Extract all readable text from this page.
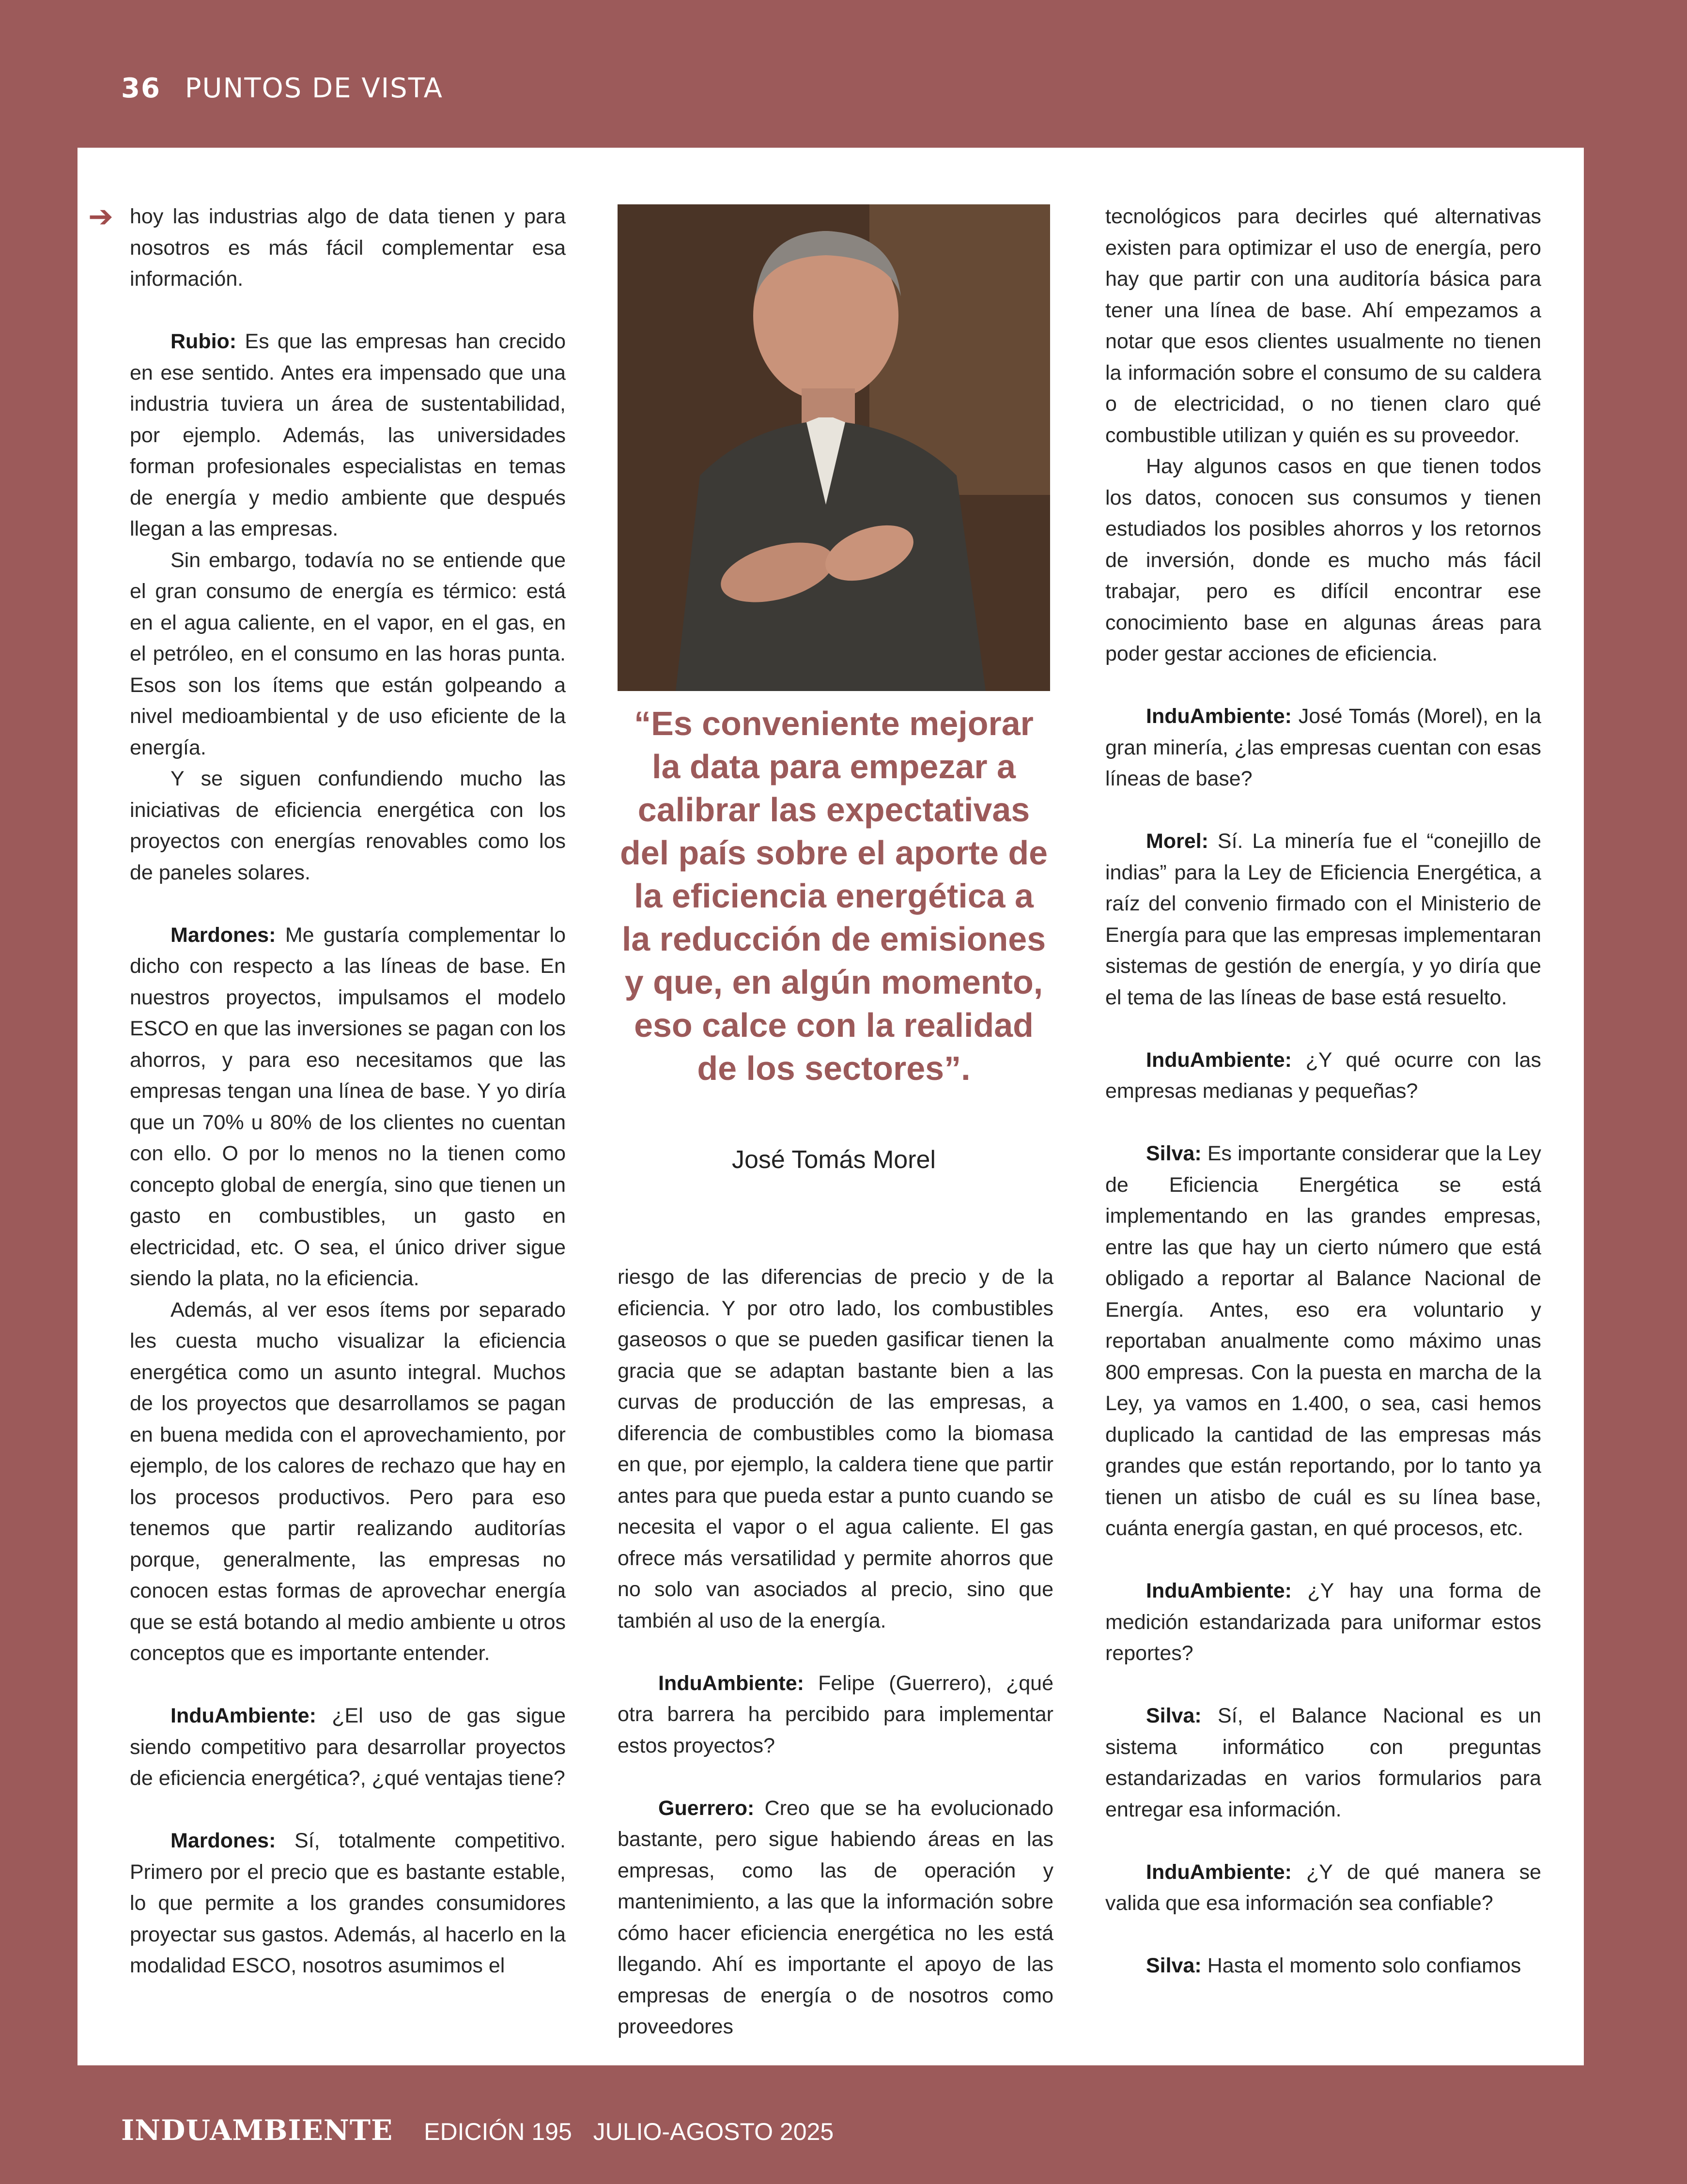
36 PUNTOS DE VISTA
➔ hoy las industrias algo de data tienen y para nosotros es más fácil complementar esa información.

Rubio: Es que las empresas han crecido en ese sentido. Antes era impensado que una industria tuviera un área de sustentabilidad, por ejemplo. Además, las universidades forman profesionales especialistas en temas de energía y medio ambiente que después llegan a las empresas.

Sin embargo, todavía no se entiende que el gran consumo de energía es térmico: está en el agua caliente, en el vapor, en el gas, en el petróleo, en el consumo en las horas punta. Esos son los ítems que están golpeando a nivel medioambiental y de uso eficiente de la energía.

Y se siguen confundiendo mucho las iniciativas de eficiencia energética con los proyectos con energías renovables como los de paneles solares.

Mardones: Me gustaría complementar lo dicho con respecto a las líneas de base. En nuestros proyectos, impulsamos el modelo ESCO en que las inversiones se pagan con los ahorros, y para eso necesitamos que las empresas tengan una línea de base. Y yo diría que un 70% u 80% de los clientes no cuentan con ello. O por lo menos no la tienen como concepto global de energía, sino que tienen un gasto en combustibles, un gasto en electricidad, etc. O sea, el único driver sigue siendo la plata, no la eficiencia.

Además, al ver esos ítems por separado les cuesta mucho visualizar la eficiencia energética como un asunto integral. Muchos de los proyectos que desarrollamos se pagan en buena medida con el aprovechamiento, por ejemplo, de los calores de rechazo que hay en los procesos productivos. Pero para eso tenemos que partir realizando auditorías porque, generalmente, las empresas no conocen estas formas de aprovechar energía que se está botando al medio ambiente u otros conceptos que es importante entender.

InduAmbiente: ¿El uso de gas sigue siendo competitivo para desarrollar proyectos de eficiencia energética?, ¿qué ventajas tiene?

Mardones: Sí, totalmente competitivo. Primero por el precio que es bastante estable, lo que permite a los grandes consumidores proyectar sus gastos. Además, al hacerlo en la modalidad ESCO, nosotros asumimos el

“Es conveniente mejorar la data para empezar a calibrar las expectativas del país sobre el aporte de la eficiencia energética a la reducción de emisiones y que, en algún momento, eso calce con la realidad de los sectores”.
José Tomás Morel

riesgo de las diferencias de precio y de la eficiencia. Y por otro lado, los combustibles gaseosos o que se pueden gasificar tienen la gracia que se adaptan bastante bien a las curvas de producción de las empresas, a diferencia de combustibles como la biomasa en que, por ejemplo, la caldera tiene que partir antes para que pueda estar a punto cuando se necesita el vapor o el agua caliente. El gas ofrece más versatilidad y permite ahorros que no solo van asociados al precio, sino que también al uso de la energía.

InduAmbiente: Felipe (Guerrero), ¿qué otra barrera ha percibido para implementar estos proyectos?

Guerrero: Creo que se ha evolucionado bastante, pero sigue habiendo áreas en las empresas, como las de operación y mantenimiento, a las que la información sobre cómo hacer eficiencia energética no les está llegando. Ahí es importante el apoyo de las empresas de energía o de nosotros como proveedores

tecnológicos para decirles qué alternativas existen para optimizar el uso de energía, pero hay que partir con una auditoría básica para tener una línea de base. Ahí empezamos a notar que esos clientes usualmente no tienen la información sobre el consumo de su caldera o de electricidad, o no tienen claro qué combustible utilizan y quién es su proveedor.

Hay algunos casos en que tienen todos los datos, conocen sus consumos y tienen estudiados los posibles ahorros y los retornos de inversión, donde es mucho más fácil trabajar, pero es difícil encontrar ese conocimiento base en algunas áreas para poder gestar acciones de eficiencia.

InduAmbiente: José Tomás (Morel), en la gran minería, ¿las empresas cuentan con esas líneas de base?

Morel: Sí. La minería fue el “conejillo de indias” para la Ley de Eficiencia Energética, a raíz del convenio firmado con el Ministerio de Energía para que las empresas implementaran sistemas de gestión de energía, y yo diría que el tema de las líneas de base está resuelto.

InduAmbiente: ¿Y qué ocurre con las empresas medianas y pequeñas?

Silva: Es importante considerar que la Ley de Eficiencia Energética se está implementando en las grandes empresas, entre las que hay un cierto número que está obligado a reportar al Balance Nacional de Energía. Antes, eso era voluntario y reportaban anualmente como máximo unas 800 empresas. Con la puesta en marcha de la Ley, ya vamos en 1.400, o sea, casi hemos duplicado la cantidad de las empresas más grandes que están reportando, por lo tanto ya tienen un atisbo de cuál es su línea base, cuánta energía gastan, en qué procesos, etc.

InduAmbiente: ¿Y hay una forma de medición estandarizada para uniformar estos reportes?

Silva: Sí, el Balance Nacional es un sistema informático con preguntas estandarizadas en varios formularios para entregar esa información.

InduAmbiente: ¿Y de qué manera se valida que esa información sea confiable?

Silva: Hasta el momento solo confiamos

INDUAMBIENTE EDICIÓN 195 JULIO-AGOSTO 2025
